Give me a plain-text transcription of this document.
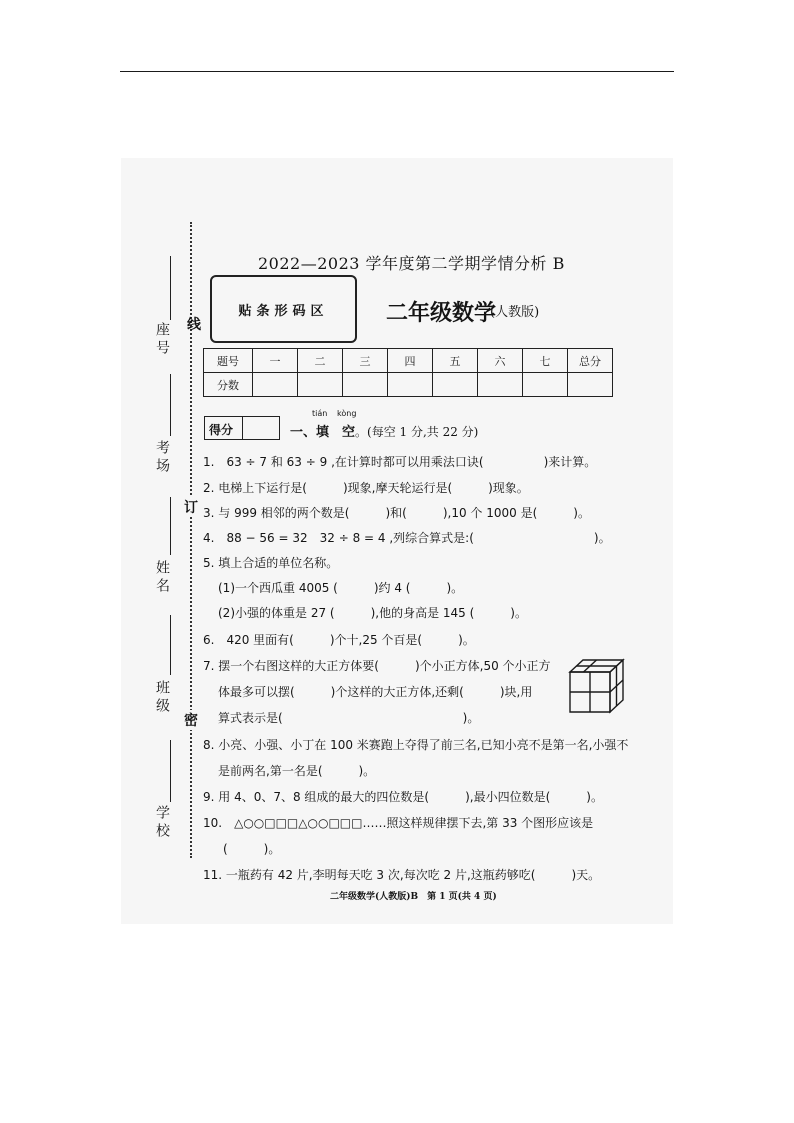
线
订
密
座号
考场
姓名
班级
学校
2022—2023 学年度第二学期学情分析 B
贴条形码区	二年级数学
(人教版)
题号	一	二	三	四	五	六	七	总分
分数								
得分
tián kòng
一、填　空。(每空 1 分,共 22 分)
1.　63 ÷ 7 和 63 ÷ 9 ,在计算时都可以用乘法口诀(　　　　　)来计算。
2. 电梯上下运行是(　　　)现象,摩天轮运行是(　　　)现象。
3. 与 999 相邻的两个数是(　　　)和(　　　),10 个 1000 是(　　　)。
4.　88 − 56 = 32　32 ÷ 8 = 4 ,列综合算式是:(　　　　　　　　　　)。
5. 填上合适的单位名称。
(1)一个西瓜重 4005 (　　　)约 4 (　　　)。
(2)小强的体重是 27 (　　　),他的身高是 145 (　　　)。
6.　420 里面有(　　　)个十,25 个百是(　　　)。
7. 摆一个右图这样的大正方体要(　　　)个小正方体,50 个小正方
体最多可以摆(　　　)个这样的大正方体,还剩(　　　)块,用
算式表示是(　　　　　　　　　　　　　　　)。
8. 小亮、小强、小丁在 100 米赛跑上夺得了前三名,已知小亮不是第一名,小强不
是前两名,第一名是(　　　)。
9. 用 4、0、7、8 组成的最大的四位数是(　　　),最小四位数是(　　　)。
10.　△○○□□□△○○□□□……照这样规律摆下去,第 33 个图形应该是
(　　　)。
11. 一瓶药有 42 片,李明每天吃 3 次,每次吃 2 片,这瓶药够吃(　　　)天。
二年级数学(人教版)B　第 1 页(共 4 页)
